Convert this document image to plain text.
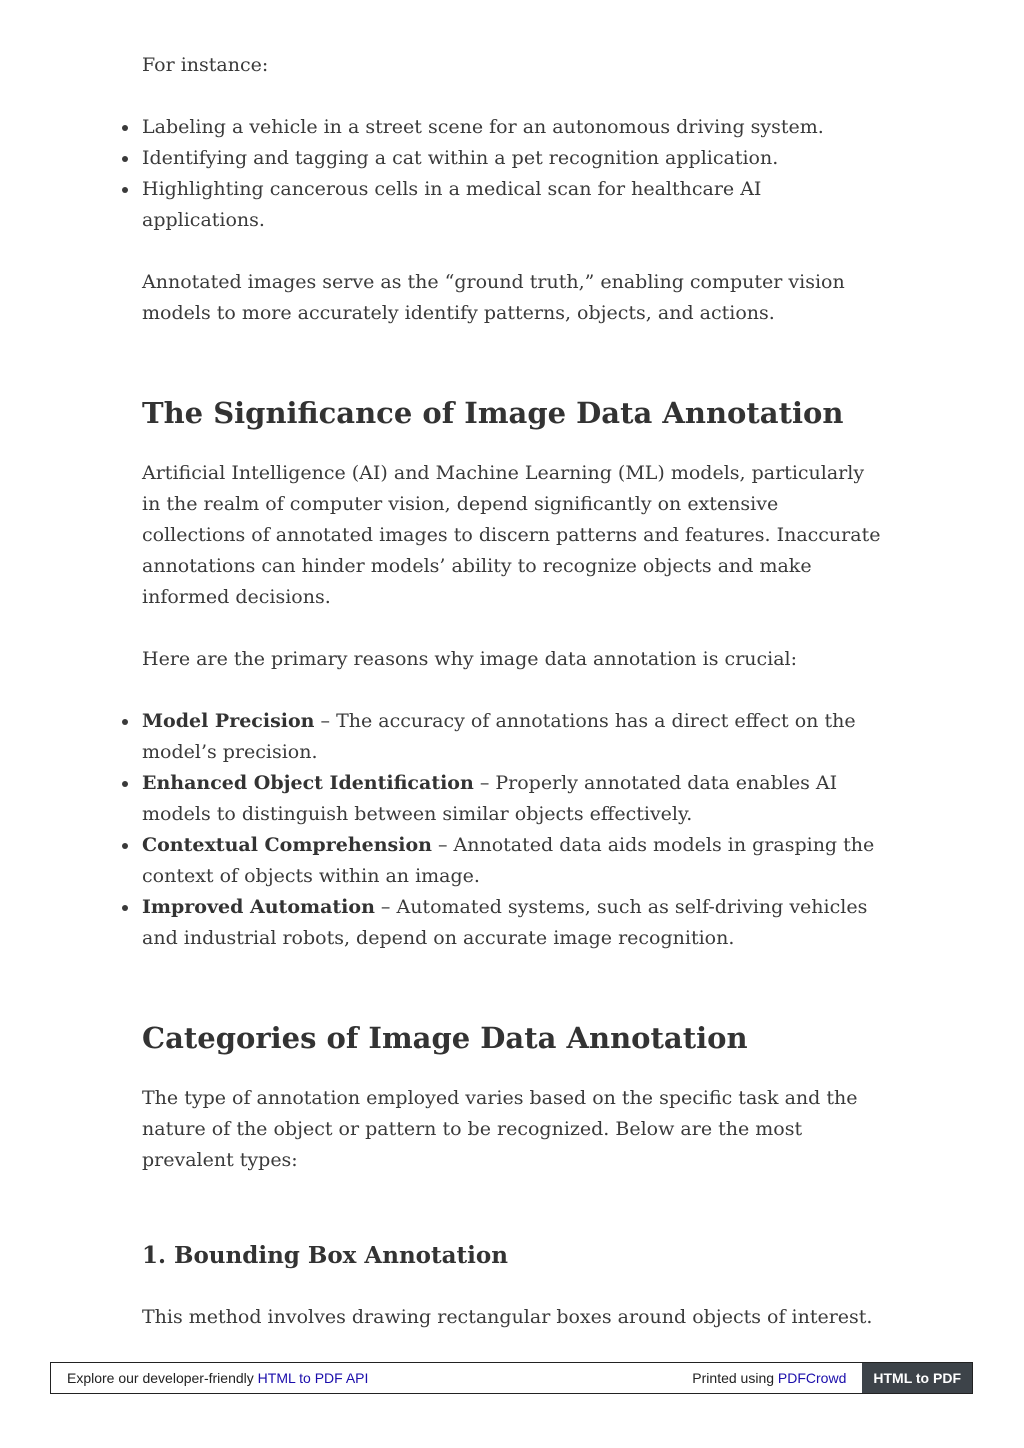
For instance:

Labeling a vehicle in a street scene for an autonomous driving system.
Identifying and tagging a cat within a pet recognition application.
Highlighting cancerous cells in a medical scan for healthcare AI applications.

Annotated images serve as the “ground truth,” enabling computer vision models to more accurately identify patterns, objects, and actions.

The Significance of Image Data Annotation

Artificial Intelligence (AI) and Machine Learning (ML) models, particularly in the realm of computer vision, depend significantly on extensive collections of annotated images to discern patterns and features. Inaccurate annotations can hinder models’ ability to recognize objects and make informed decisions.

Here are the primary reasons why image data annotation is crucial:

Model Precision – The accuracy of annotations has a direct effect on the model’s precision.
Enhanced Object Identification – Properly annotated data enables AI models to distinguish between similar objects effectively.
Contextual Comprehension – Annotated data aids models in grasping the context of objects within an image.
Improved Automation – Automated systems, such as self-driving vehicles and industrial robots, depend on accurate image recognition.
Categories of Image Data Annotation

The type of annotation employed varies based on the specific task and the nature of the object or pattern to be recognized. Below are the most prevalent types:

1. Bounding Box Annotation

This method involves drawing rectangular boxes around objects of interest.

Explore our developer-friendly HTML to PDF API	Printed using PDFCrowd	HTML to PDF
